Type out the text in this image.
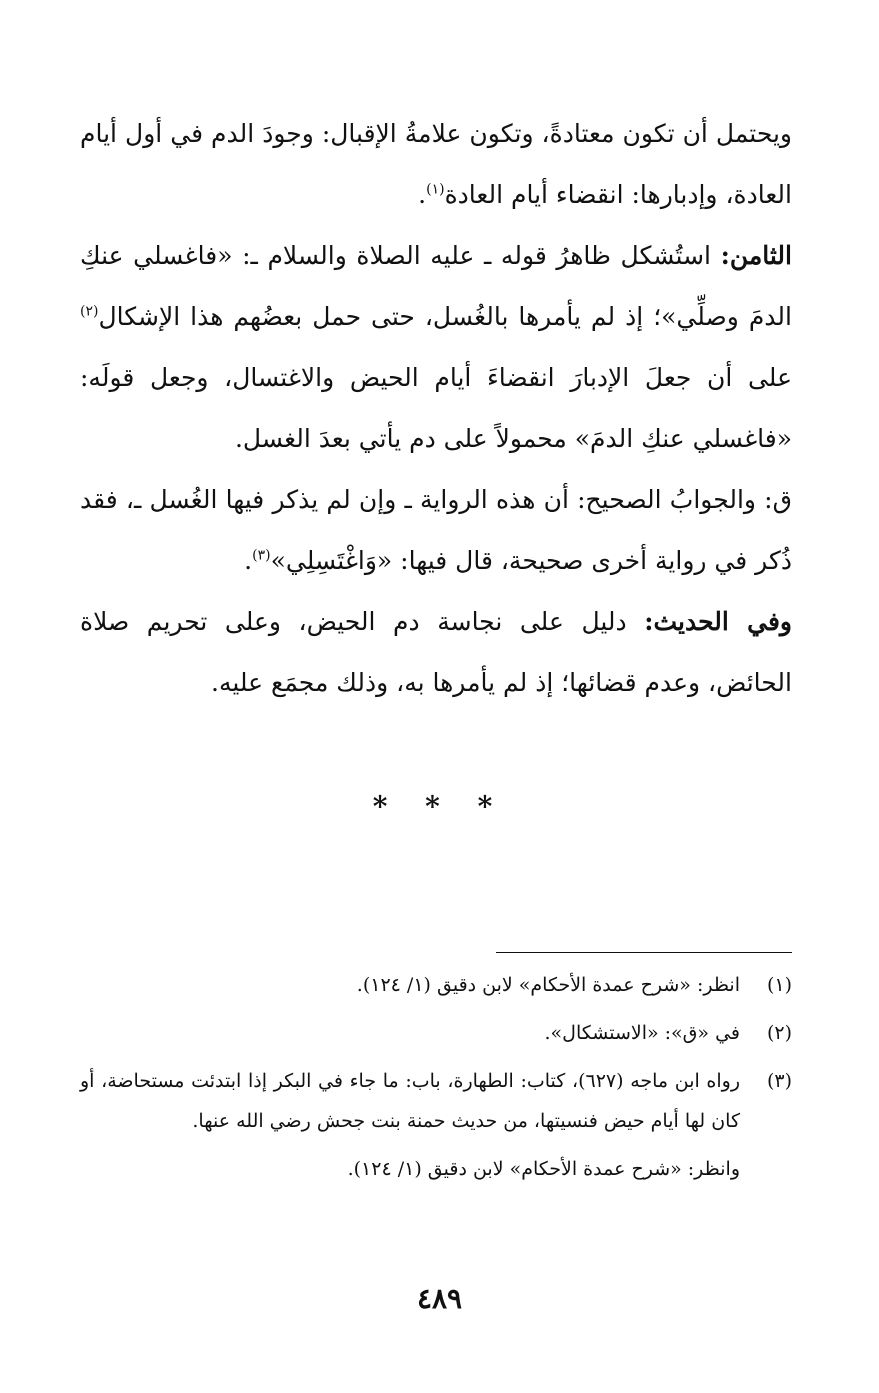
ويحتمل أن تكون معتادةً، وتكون علامةُ الإقبال: وجودَ الدم في أول أيام العادة، وإدبارها: انقضاء أيام العادة$^{(١)}$.

الثامن: استُشكل ظاهرُ قوله ـ عليه الصلاة والسلام ـ: «فاغسلي عنكِ الدمَ وصلِّي»؛ إذ لم يأمرها بالغُسل، حتى حمل بعضُهم هذا الإشكال$^{(٢)}$ على أن جعلَ الإدبارَ انقضاءَ أيام الحيض والاغتسال، وجعل قولَه: «فاغسلي عنكِ الدمَ» محمولاً على دم يأتي بعدَ الغسل.

ق: والجوابُ الصحيح: أن هذه الرواية ـ وإن لم يذكر فيها الغُسل ـ، فقد ذُكر في رواية أخرى صحيحة، قال فيها: «وَاغْتَسِلِي»$^{(٣)}$.

وفي الحديث: دليل على نجاسة دم الحيض، وعلى تحريم صلاة الحائض، وعدم قضائها؛ إذ لم يأمرها به، وذلك مجمَع عليه.

* * *

(١)
انظر: «شرح عمدة الأحكام» لابن دقيق (١/ ١٢٤).

(٢)
في «ق»: «الاستشكال».

(٣)
رواه ابن ماجه (٦٢٧)، كتاب: الطهارة، باب: ما جاء في البكر إذا ابتدئت مستحاضة، أو كان لها أيام حيض فنسيتها، من حديث حمنة بنت جحش رضي الله عنها.

وانظر: «شرح عمدة الأحكام» لابن دقيق (١/ ١٢٤).

٤٨٩
